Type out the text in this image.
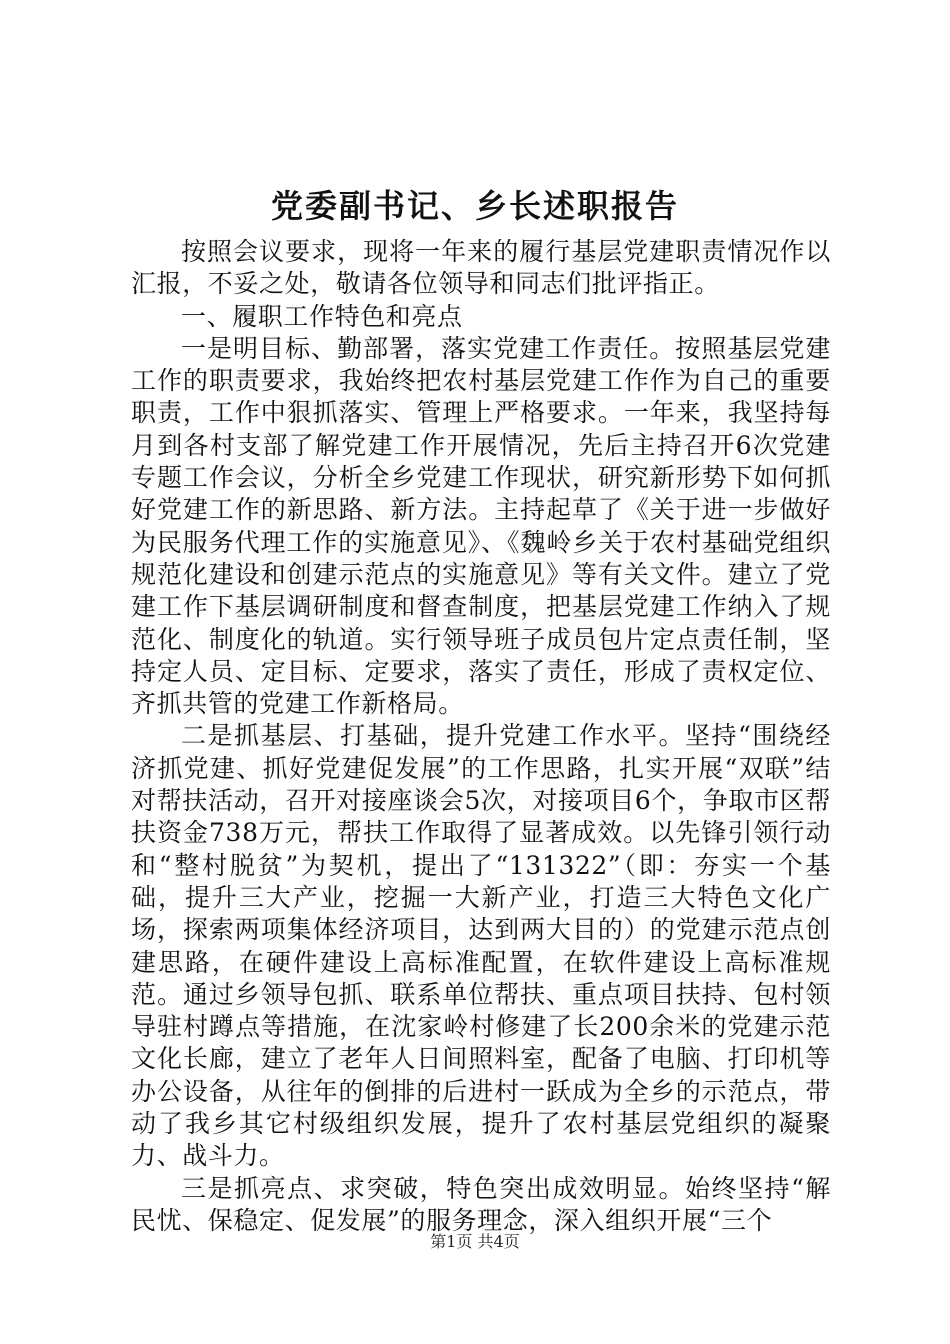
党委副书记、乡长述职报告

按照会议要求，现将一年来的履行基层党建职责情况作以汇报，不妥之处，敬请各位领导和同志们批评指正。

一、履职工作特色和亮点

一是明目标、勤部署，落实党建工作责任。按照基层党建工作的职责要求，我始终把农村基层党建工作作为自己的重要职责，工作中狠抓落实、管理上严格要求。一年来，我坚持每月到各村支部了解党建工作开展情况，先后主持召开6次党建专题工作会议，分析全乡党建工作现状，研究新形势下如何抓好党建工作的新思路、新方法。主持起草了《关于进一步做好为民服务代理工作的实施意见》、《魏岭乡关于农村基础党组织规范化建设和创建示范点的实施意见》等有关文件。建立了党建工作下基层调研制度和督查制度，把基层党建工作纳入了规范化、制度化的轨道。实行领导班子成员包片定点责任制，坚持定人员、定目标、定要求，落实了责任，形成了责权定位、齐抓共管的党建工作新格局。

二是抓基层、打基础，提升党建工作水平。坚持“围绕经济抓党建、抓好党建促发展”的工作思路，扎实开展“双联”结对帮扶活动，召开对接座谈会5次，对接项目6个，争取市区帮扶资金738万元，帮扶工作取得了显著成效。以先锋引领行动和“整村脱贫”为契机，提出了“131322”（即：夯实一个基础，提升三大产业，挖掘一大新产业，打造三大特色文化广场，探索两项集体经济项目，达到两大目的）的党建示范点创建思路，在硬件建设上高标准配置，在软件建设上高标准规范。通过乡领导包抓、联系单位帮扶、重点项目扶持、包村领导驻村蹲点等措施，在沈家岭村修建了长200余米的党建示范文化长廊，建立了老年人日间照料室，配备了电脑、打印机等办公设备，从往年的倒排的后进村一跃成为全乡的示范点，带动了我乡其它村级组织发展，提升了农村基层党组织的凝聚力、战斗力。

三是抓亮点、求突破，特色突出成效明显。始终坚持“解民忧、保稳定、促发展”的服务理念，深入组织开展“三个

第1页 共4页
